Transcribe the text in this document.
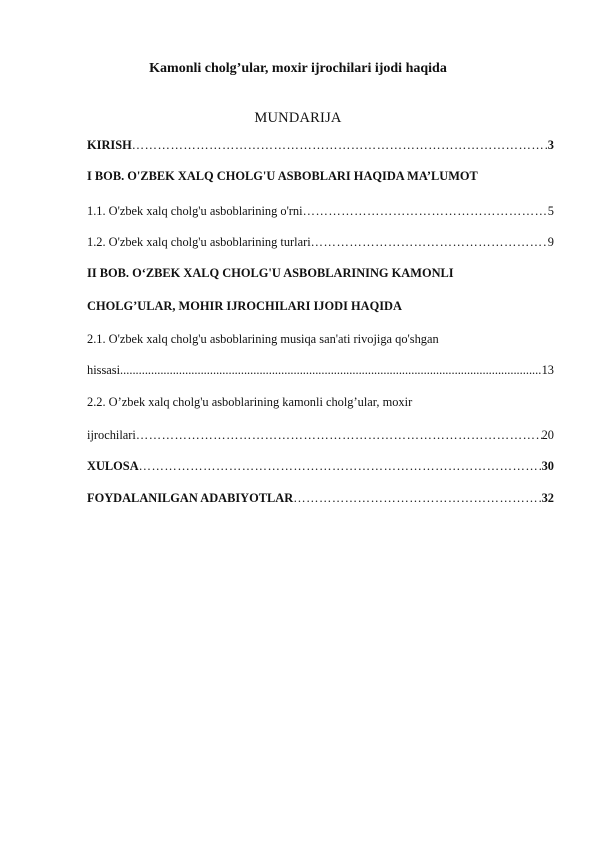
Kamonli cholg’ular, moxir ijrochilari ijodi haqida
MUNDARIJA
KIRISH ………………………………………………………………………………………………………………………………………………………………………………………………	3
I BOB. O'ZBEK XALQ CHOLG'U ASBOBLARI HAQIDA MA’LUMOT
1.1. O'zbek xalq cholg'u asboblarining o'rni ………………………………………………………………………………………………………………………………………………………………………………………………	5
1.2. O'zbek xalq cholg'u asboblarining turlari ………………………………………………………………………………………………………………………………………………………………………………………………	9
II BOB. O‘ZBEK XALQ CHOLG'U ASBOBLARINING KAMONLI
CHOLG’ULAR, MOHIR IJROCHILARI IJODI HAQIDA
2.1. O'zbek xalq cholg'u asboblarining musiqa san'ati rivojiga qo'shgan
hissasi .....	13
2.2. O’zbek xalq cholg'u asboblarining kamonli cholg’ular, moxir
ijrochilari ………………………………………………………………………………………………………………………………………………………………………………………………	20
XULOSA ………………………………………………………………………………………………………………………………………………………………………………………………	30
FOYDALANILGAN ADABIYOTLAR ………………………………………………………………………………………………………………………………………………………………………………………………	32
